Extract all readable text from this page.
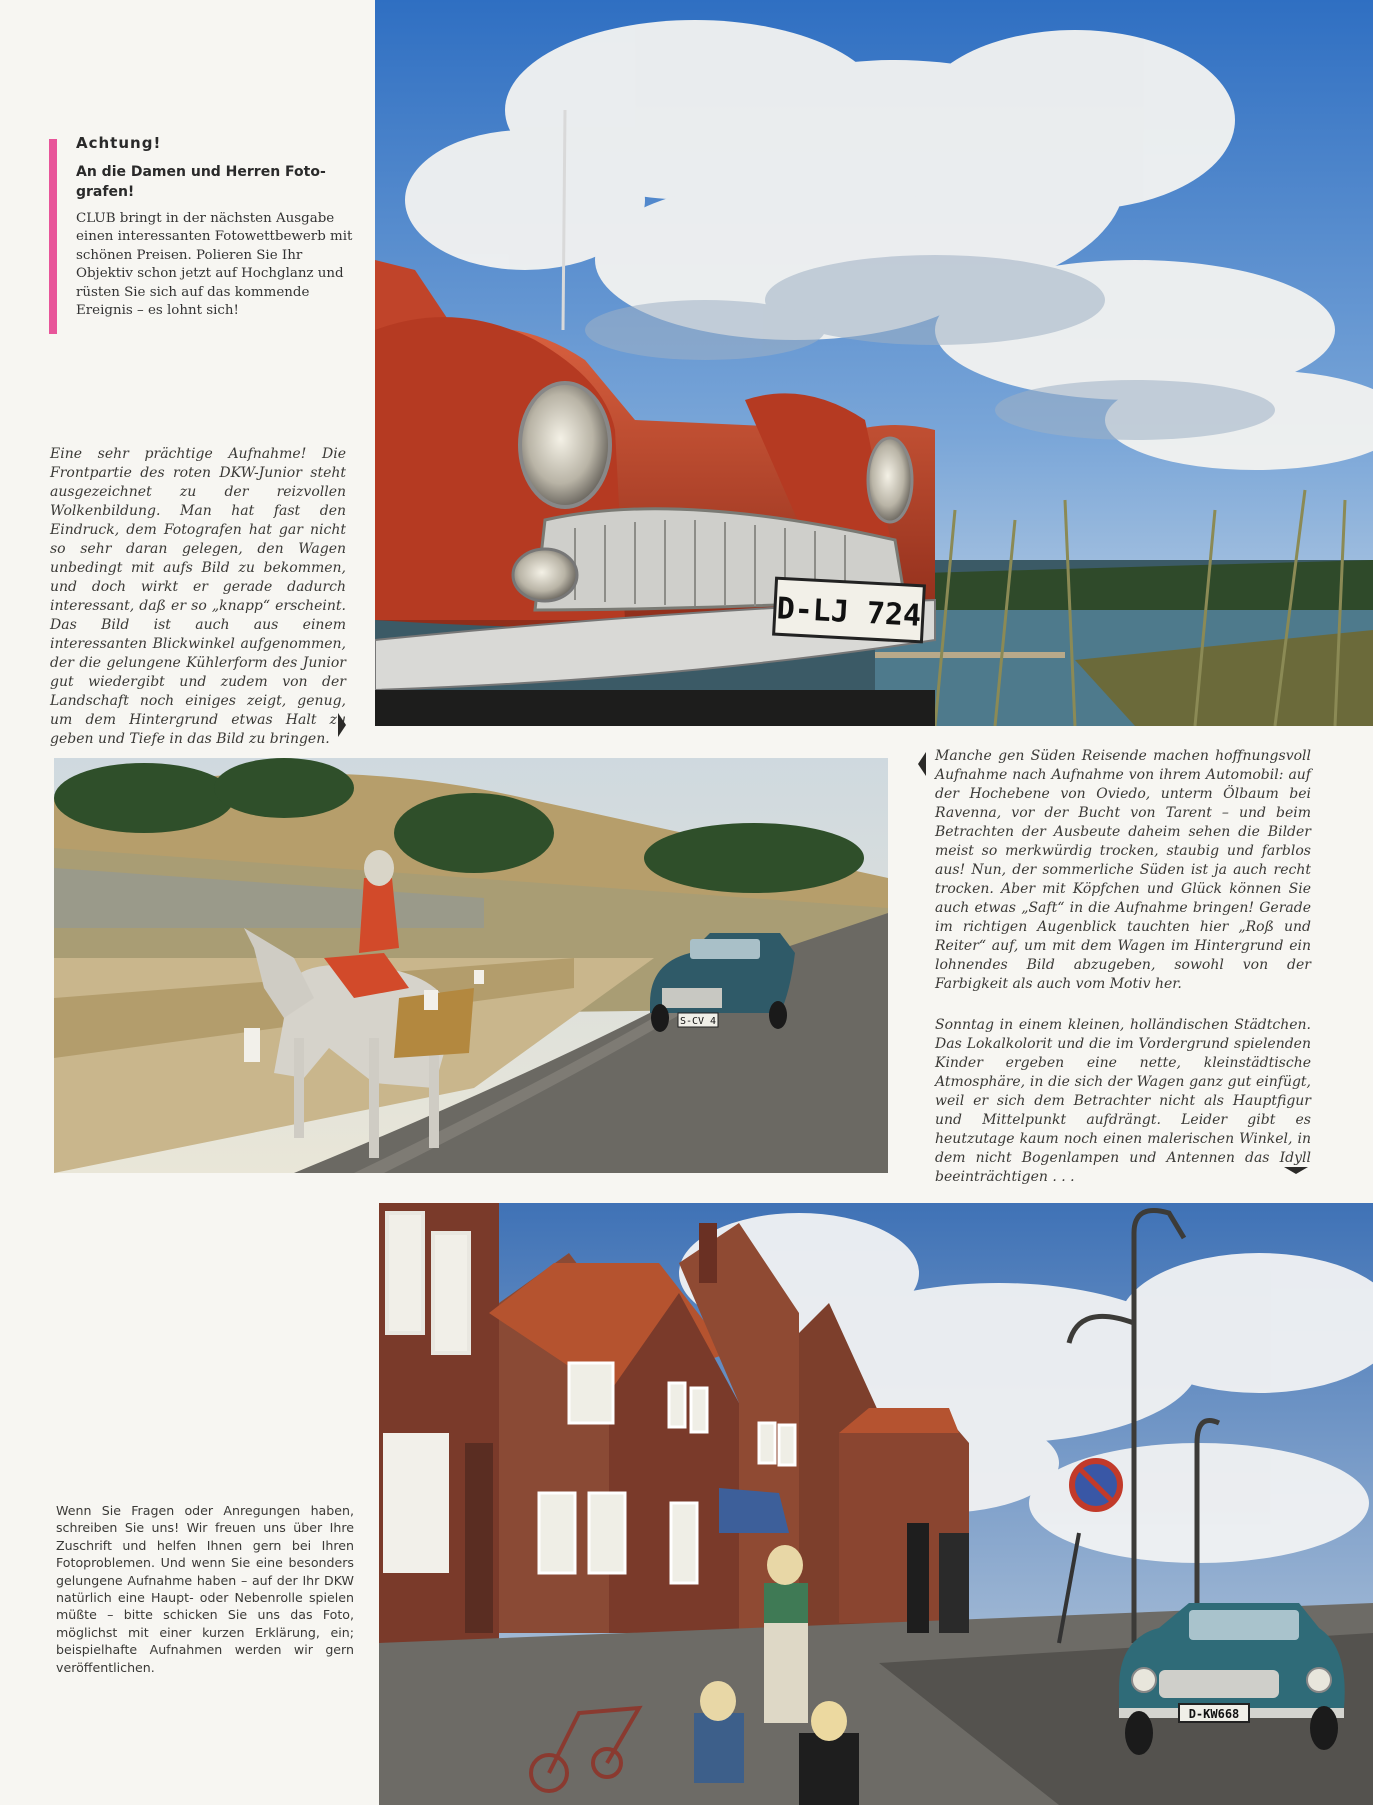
Achtung!
An die Damen und Herren Foto-grafen!
CLUB bringt in der nächsten Ausgabe einen interessanten Fotowettbewerb mit schönen Preisen. Polieren Sie Ihr Objektiv schon jetzt auf Hochglanz und rüsten Sie sich auf das kommende Ereignis – es lohnt sich!
Eine sehr prächtige Aufnahme! Die Frontpartie des roten DKW-Junior steht ausgezeichnet zu der reizvollen Wolkenbildung. Man hat fast den Eindruck, dem Fotografen hat gar nicht so sehr daran gelegen, den Wagen unbedingt mit aufs Bild zu bekommen, und doch wirkt er gerade dadurch interessant, daß er so „knapp“ erscheint. Das Bild ist auch aus einem interessanten Blickwinkel aufgenommen, der die gelungene Kühlerform des Junior gut wiedergibt und zudem von der Landschaft noch einiges zeigt, genug, um dem Hintergrund etwas Halt zu geben und Tiefe in das Bild zu bringen.
D-LJ 724
S-CV 4
Manche gen Süden Reisende machen hoffnungsvoll Aufnahme nach Aufnahme von ihrem Automobil: auf der Hochebene von Oviedo, unterm Ölbaum bei Ravenna, vor der Bucht von Tarent – und beim Betrachten der Ausbeute daheim sehen die Bilder meist so merkwürdig trocken, staubig und farblos aus! Nun, der sommerliche Süden ist ja auch recht trocken. Aber mit Köpfchen und Glück können Sie auch etwas „Saft“ in die Aufnahme bringen! Gerade im richtigen Augenblick tauchten hier „Roß und Reiter“ auf, um mit dem Wagen im Hintergrund ein lohnendes Bild abzugeben, sowohl von der Farbigkeit als auch vom Motiv her.
Sonntag in einem kleinen, holländischen Städtchen. Das Lokalkolorit und die im Vordergrund spielenden Kinder ergeben eine nette, kleinstädtische Atmosphäre, in die sich der Wagen ganz gut einfügt, weil er sich dem Betrachter nicht als Hauptfigur und Mittelpunkt aufdrängt. Leider gibt es heutzutage kaum noch einen malerischen Winkel, in dem nicht Bogenlampen und Antennen das Idyll beeinträchtigen . . .
Wenn Sie Fragen oder Anregungen haben, schreiben Sie uns! Wir freuen uns über Ihre Zuschrift und helfen Ihnen gern bei Ihren Fotoproblemen. Und wenn Sie eine besonders gelungene Aufnahme haben – auf der Ihr DKW natürlich eine Haupt- oder Nebenrolle spielen müßte – bitte schicken Sie uns das Foto, möglichst mit einer kurzen Erklärung, ein; beispielhafte Aufnahmen werden wir gern veröffentlichen.
D-KW668
